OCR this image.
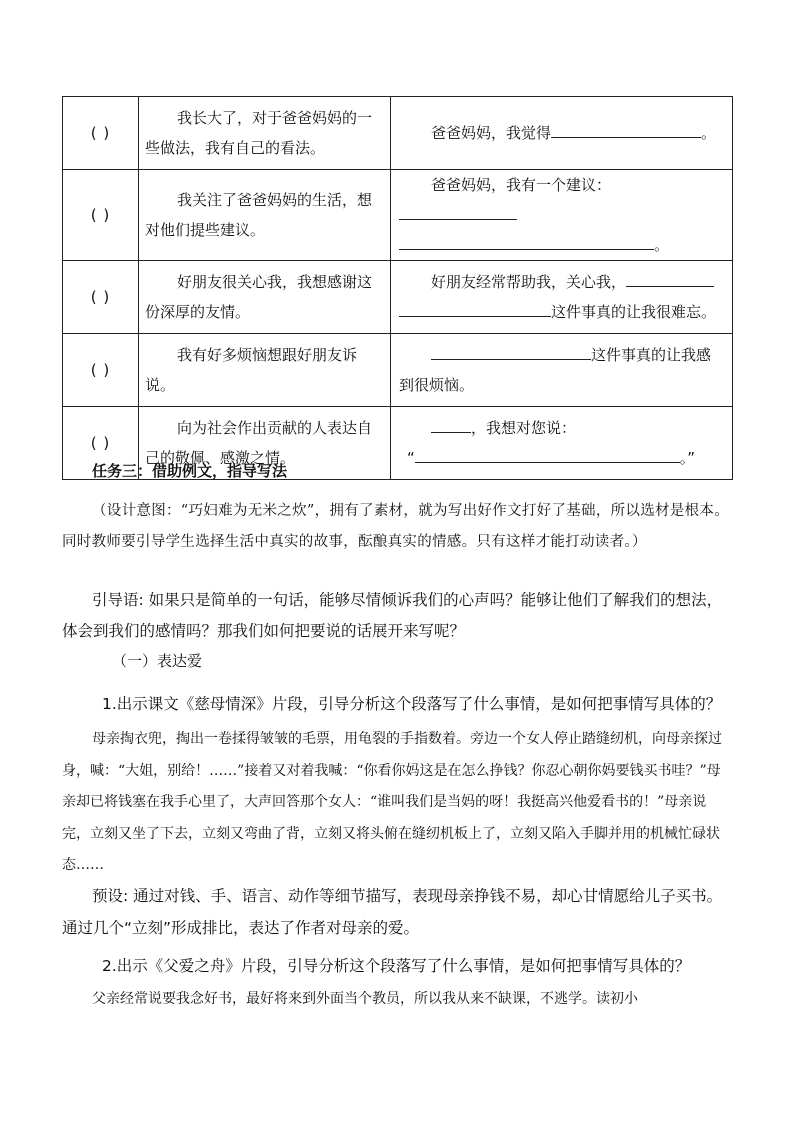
( )	我长大了，对于爸爸妈妈的一些做法，我有自己的看法。	爸爸妈妈，我觉得 。
( )	我关注了爸爸妈妈的生活，想对他们提些建议。	爸爸妈妈，我有一个建议：
。
( )	好朋友很关心我，我想感谢这份深厚的友情。	好朋友经常帮助我，关心我，
这件事真的让我很难忘。
( )	我有好多烦恼想跟好朋友诉说。	这件事真的让我感到很烦恼。
( )	向为社会作出贡献的人表达自己的敬佩、感激之情。	，我想对您说：
“ 。”
任务三：借助例文，指导写法
（设计意图：“巧妇难为无米之炊”，拥有了素材，就为写出好作文打好了基础，所以选材是根本。同时教师要引导学生选择生活中真实的故事，酝酿真实的情感。只有这样才能打动读者。）
引导语: 如果只是简单的一句话，能够尽情倾诉我们的心声吗？能够让他们了解我们的想法，体会到我们的感情吗？那我们如何把要说的话展开来写呢？
（一）表达爱
1.出示课文《慈母情深》片段，引导分析这个段落写了什么事情，是如何把事情写具体的？
母亲掏衣兜，掏出一卷揉得皱皱的毛票，用龟裂的手指数着。旁边一个女人停止踏缝纫机，向母亲探过身，喊：“大姐，别给！……”接着又对着我喊：“你看你妈这是在怎么挣钱？你忍心朝你妈要钱买书哇？”母亲却已将钱塞在我手心里了，大声回答那个女人：“谁叫我们是当妈的呀！我挺高兴他爱看书的！”母亲说完，立刻又坐了下去，立刻又弯曲了背，立刻又将头俯在缝纫机板上了，立刻又陷入手脚并用的机械忙碌状态……
预设: 通过对钱、手、语言、动作等细节描写，表现母亲挣钱不易，却心甘情愿给儿子买书。通过几个“立刻”形成排比，表达了作者对母亲的爱。
2.出示《父爱之舟》片段，引导分析这个段落写了什么事情，是如何把事情写具体的？
父亲经常说要我念好书，最好将来到外面当个教员，所以我从来不缺课，不逃学。读初小
